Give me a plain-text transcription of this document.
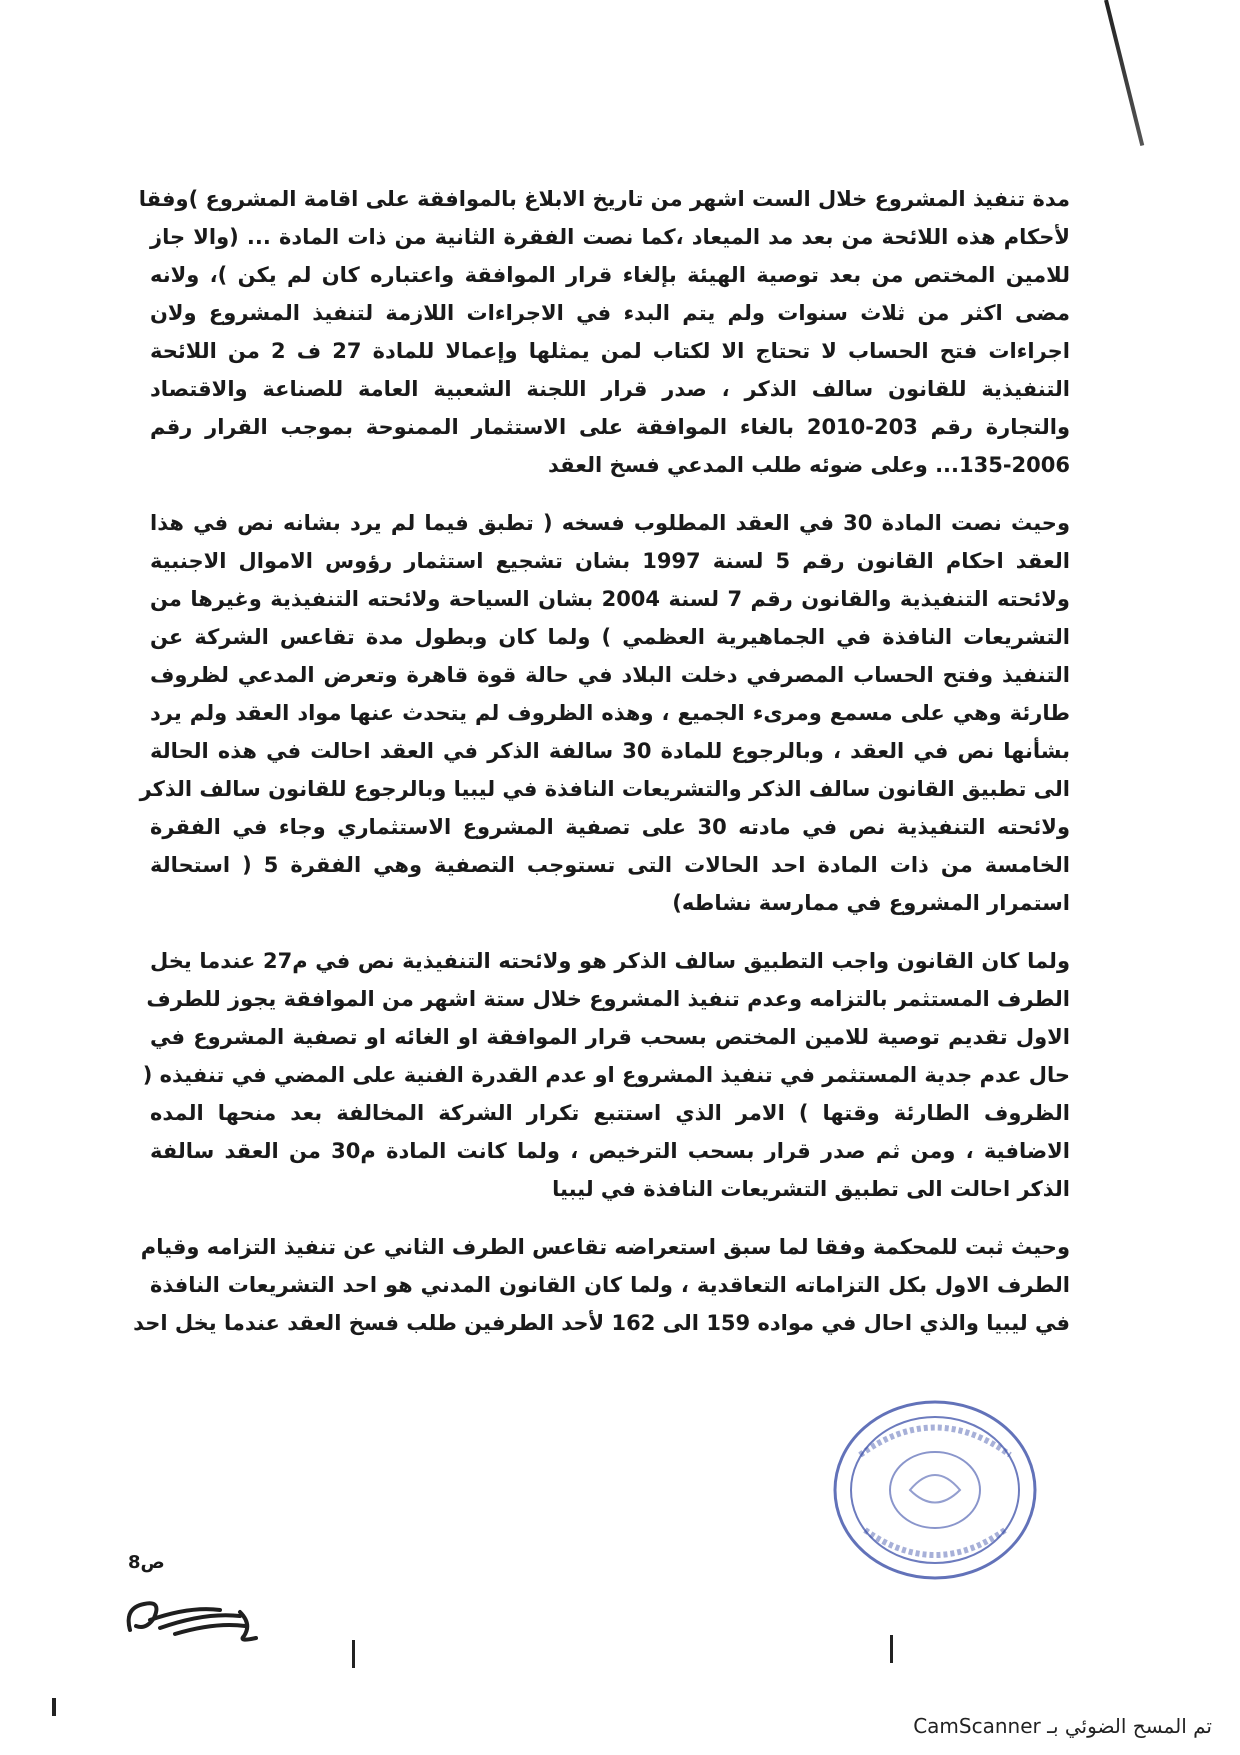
مدة تنفيذ المشروع خلال الست اشهر من تاريخ الابلاغ بالموافقة على اقامة المشروع )وفقا
لأحكام هذه اللائحة من بعد مد الميعاد ،كما نصت الفقرة الثانية من ذات المادة ... (والا جاز
للامين المختص من بعد توصية الهيئة بإلغاء قرار الموافقة واعتباره كان لم يكن )، ولانه
مضى اكثر من ثلاث سنوات ولم يتم البدء في الاجراءات اللازمة لتنفيذ المشروع ولان
اجراءات فتح الحساب لا تحتاج الا لكتاب لمن يمثلها وإعمالا للمادة 27 ف 2 من اللائحة
التنفيذية للقانون سالف الذكر ، صدر قرار اللجنة الشعبية العامة للصناعة والاقتصاد
والتجارة رقم 203-2010 بالغاء الموافقة على الاستثمار الممنوحة بموجب القرار رقم
135-2006... وعلى ضوئه طلب المدعي فسخ العقد
وحيث نصت المادة 30 في العقد المطلوب فسخه ( تطبق فيما لم يرد بشانه نص في هذا
العقد احكام القانون رقم 5 لسنة 1997 بشان تشجيع استثمار رؤوس الاموال الاجنبية
ولائحته التنفيذية والقانون رقم 7 لسنة 2004 بشان السياحة ولائحته التنفيذية وغيرها من
التشريعات النافذة في الجماهيرية العظمي ) ولما كان وبطول مدة تقاعس الشركة عن
التنفيذ وفتح الحساب المصرفي دخلت البلاد في حالة قوة قاهرة وتعرض المدعي لظروف
طارئة وهي على مسمع ومرىء الجميع ، وهذه الظروف لم يتحدث عنها مواد العقد ولم يرد
بشأنها نص في العقد ، وبالرجوع للمادة 30 سالفة الذكر في العقد احالت في هذه الحالة
الى تطبيق القانون سالف الذكر والتشريعات النافذة في ليبيا وبالرجوع للقانون سالف الذكر
ولائحته التنفيذية نص في مادته 30 على تصفية المشروع الاستثماري وجاء في الفقرة
الخامسة من ذات المادة احد الحالات التى تستوجب التصفية وهي الفقرة 5 ( استحالة
استمرار المشروع في ممارسة نشاطه)
ولما كان القانون واجب التطبيق سالف الذكر هو ولائحته التنفيذية نص في م27 عندما يخل
الطرف المستثمر بالتزامه وعدم تنفيذ المشروع خلال ستة اشهر من الموافقة يجوز للطرف
الاول تقديم توصية للامين المختص بسحب قرار الموافقة او الغائه او تصفية المشروع في
حال عدم جدية المستثمر في تنفيذ المشروع او عدم القدرة الفنية على المضي في تنفيذه (
الظروف الطارئة وقتها ) الامر الذي استتبع تكرار الشركة المخالفة بعد منحها المده
الاضافية ، ومن ثم صدر قرار بسحب الترخيص ، ولما كانت المادة م30 من العقد سالفة
الذكر احالت الى تطبيق التشريعات النافذة في ليبيا
وحيث ثبت للمحكمة وفقا لما سبق استعراضه تقاعس الطرف الثاني عن تنفيذ التزامه وقيام
الطرف الاول بكل التزاماته التعاقدية ، ولما كان القانون المدني هو احد التشريعات النافذة
في ليبيا والذي احال في مواده 159 الى 162 لأحد الطرفين طلب فسخ العقد عندما يخل احد
ص8
تم المسح الضوئي بـ CamScanner
